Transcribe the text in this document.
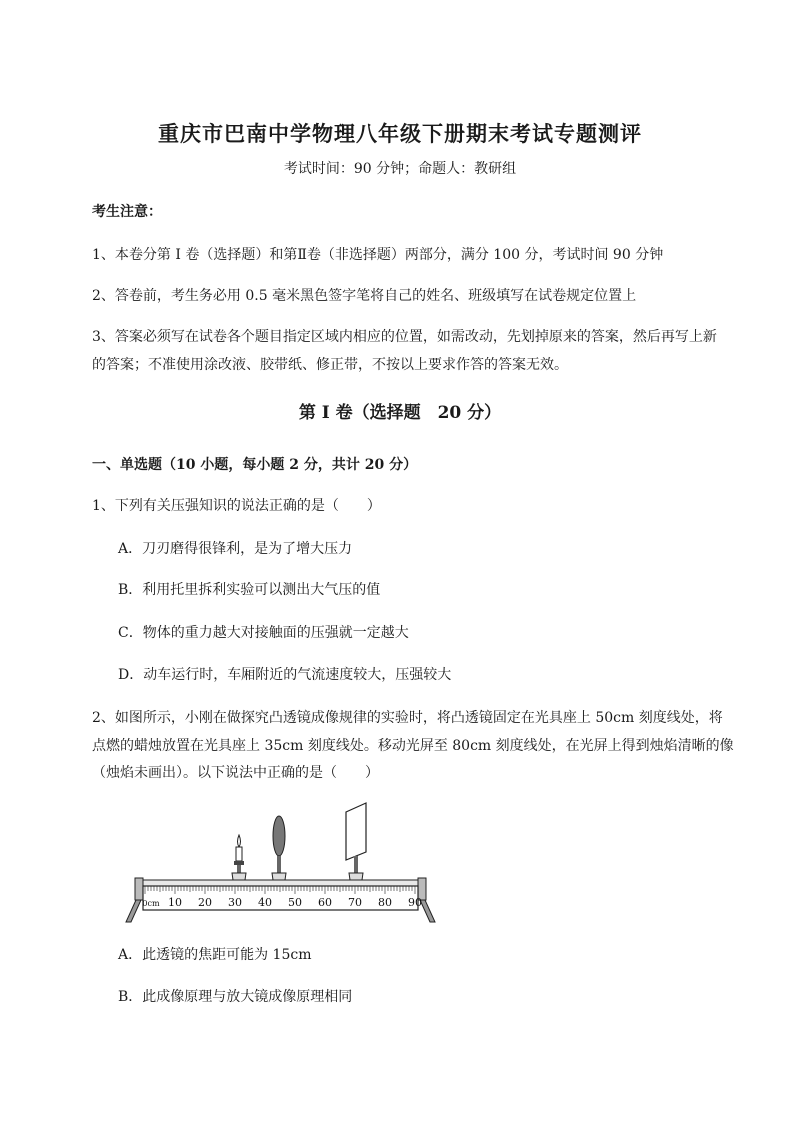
重庆市巴南中学物理八年级下册期末考试专题测评
考试时间：90 分钟；命题人：教研组
考生注意：
1、本卷分第 I 卷（选择题）和第Ⅱ卷（非选择题）两部分，满分 100 分，考试时间 90 分钟
2、答卷前，考生务必用 0.5 毫米黑色签字笔将自己的姓名、班级填写在试卷规定位置上
3、答案必须写在试卷各个题目指定区域内相应的位置，如需改动，先划掉原来的答案，然后再写上新
的答案；不准使用涂改液、胶带纸、修正带，不按以上要求作答的答案无效。
第 I 卷（选择题　20 分）
一、单选题（10 小题，每小题 2 分，共计 20 分）
1、下列有关压强知识的说法正确的是（　　）
A．刀刃磨得很锋利，是为了增大压力
B．利用托里拆利实验可以测出大气压的值
C．物体的重力越大对接触面的压强就一定越大
D．动车运行时，车厢附近的气流速度较大，压强较大
2、如图所示，小刚在做探究凸透镜成像规律的实验时，将凸透镜固定在光具座上 50cm 刻度线处，将
点燃的蜡烛放置在光具座上 35cm 刻度线处。移动光屏至 80cm 刻度线处，在光屏上得到烛焰清晰的像
（烛焰未画出）。以下说法中正确的是（　　）
0cm 10 20 30 40 50 60 70 80 90
A．此透镜的焦距可能为 15cm
B．此成像原理与放大镜成像原理相同
